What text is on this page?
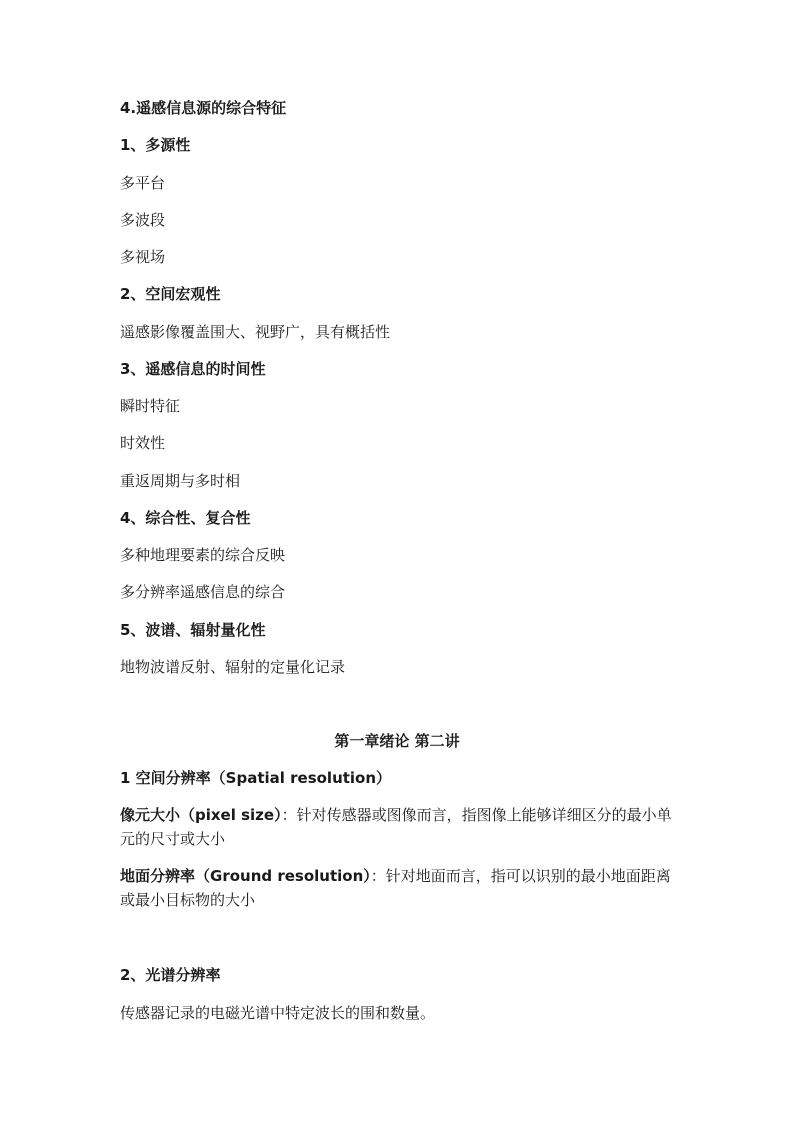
4.遥感信息源的综合特征
1、多源性
多平台
多波段
多视场
2、空间宏观性
遥感影像覆盖围大、视野广，具有概括性
3、遥感信息的时间性
瞬时特征
时效性
重返周期与多时相
4、综合性、复合性
多种地理要素的综合反映
多分辨率遥感信息的综合
5、波谱、辐射量化性
地物波谱反射、辐射的定量化记录
第一章绪论 第二讲
1 空间分辨率（Spatial resolution）
像元大小（pixel size）：针对传感器或图像而言，指图像上能够详细区分的最小单元的尺寸或大小
地面分辨率（Ground resolution）：针对地面而言，指可以识别的最小地面距离或最小目标物的大小
2、光谱分辨率
传感器记录的电磁光谱中特定波长的围和数量。
